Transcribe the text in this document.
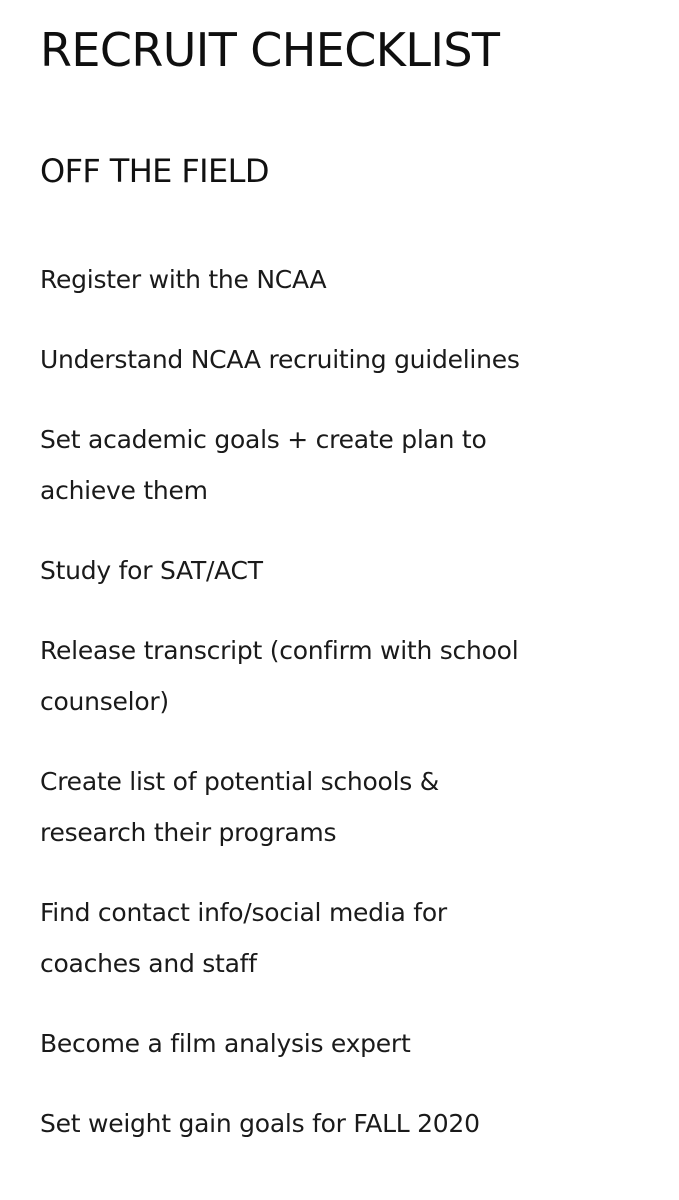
RECRUIT CHECKLIST
OFF THE FIELD
Register with the NCAA
Understand NCAA recruiting guidelines
Set academic goals + create plan to
achieve them
Study for SAT/ACT
Release transcript (confirm with school
counselor)
Create list of potential schools &
research their programs
Find contact info/social media for
coaches and staff
Become a film analysis expert
Set weight gain goals for FALL 2020
